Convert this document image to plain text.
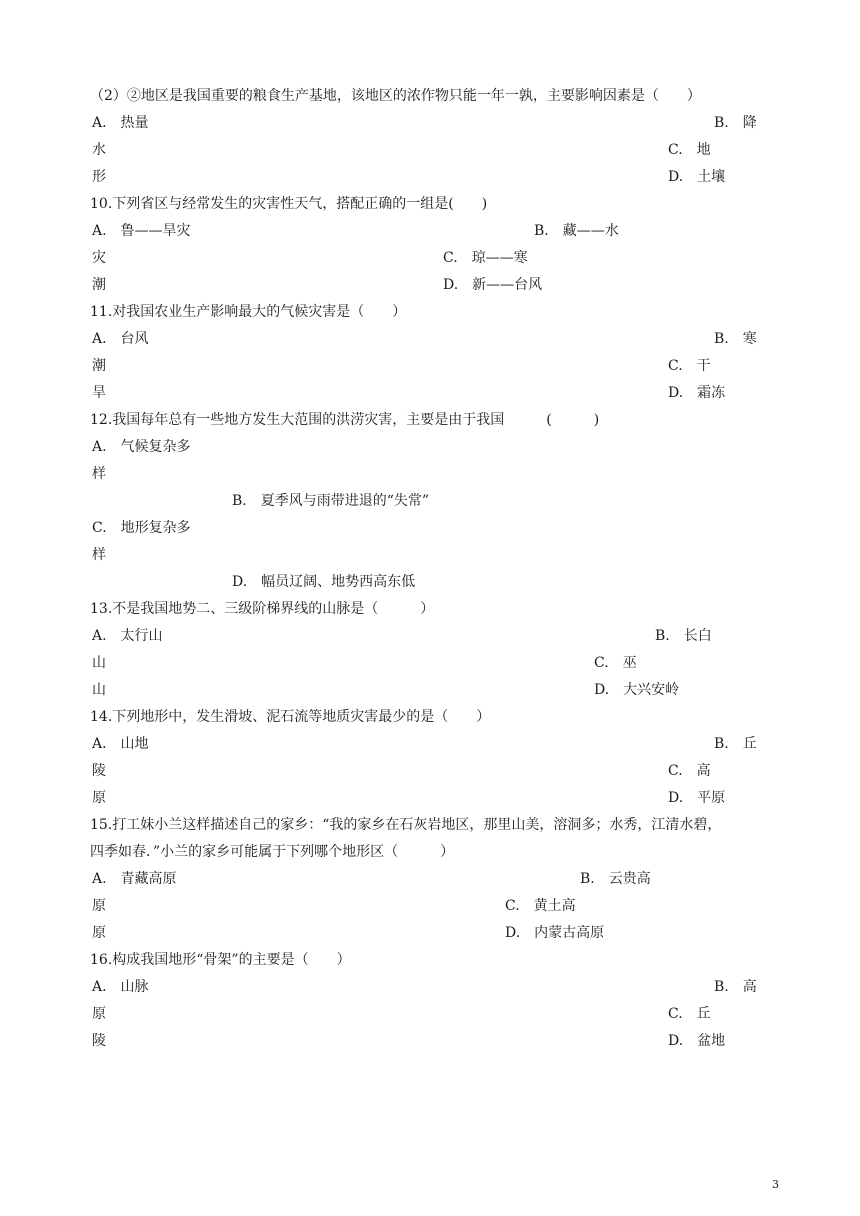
（2）②地区是我国重要的粮食生产基地，该地区的浓作物只能一年一孰，主要影响因素是（　　）
A.　热量	B.　降
水	C.　地
形	D.　土壤
10.下列省区与经常发生的灾害性天气，搭配正确的一组是(　　)
A.　鲁——旱灾	B.　藏——水
灾	C.　琼——寒
潮	D.　新——台风
11.对我国农业生产影响最大的气候灾害是（　　）
A.　台风	B.　寒
潮	C.　干
旱	D.　霜冻
12.我国每年总有一些地方发生大范围的洪涝灾害，主要是由于我国　　　(　　　)
A.　气候复杂多
样
B.　夏季风与雨带进退的“失常”
C.　地形复杂多
样
D.　幅员辽阔、地势西高东低
13.不是我国地势二、三级阶梯界线的山脉是（　　　）
A.　太行山	B.　长白
山	C.　巫
山	D.　大兴安岭
14.下列地形中，发生滑坡、泥石流等地质灾害最少的是（　　）
A.　山地	B.　丘
陵	C.　高
原	D.　平原
15.打工妹小兰这样描述自己的家乡：“我的家乡在石灰岩地区，那里山美，溶洞多；水秀，江清水碧，
四季如春．”小兰的家乡可能属于下列哪个地形区（　　　）
A.　青藏高原	B.　云贵高
原	C.　黄土高
原	D.　内蒙古高原
16.构成我国地形“骨架”的主要是（　　）
A.　山脉	B.　高
原	C.　丘
陵	D.　盆地
3
